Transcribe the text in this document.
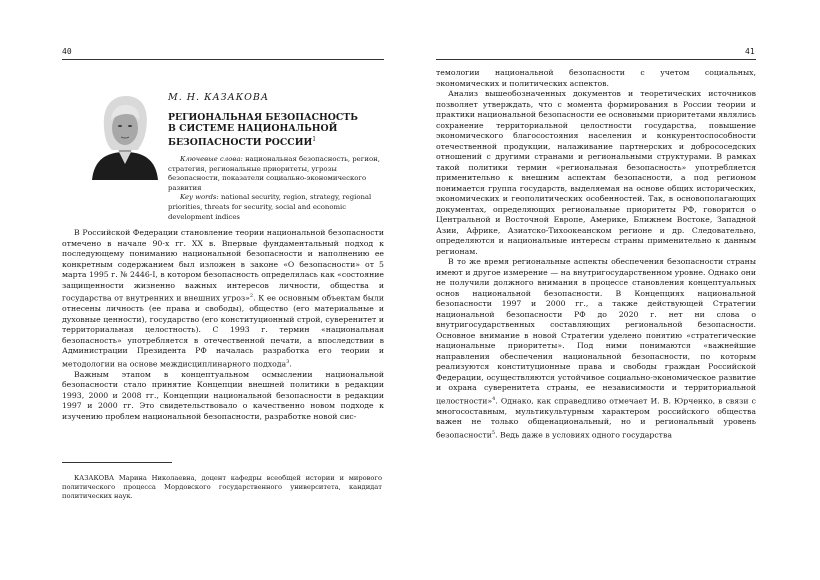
40
М. Н. КАЗАКОВА
РЕГИОНАЛЬНАЯ БЕЗОПАСНОСТЬ
В СИСТЕМЕ НАЦИОНАЛЬНОЙ
БЕЗОПАСНОСТИ РОССИИ$^1$

Ключевые слова: национальная безопасность, регион, стратегия, региональные приоритеты, угрозы безопасности, показатели социально-экономического развития

Key words: national security, region, strategy, regional priorities, threats for security, social and economic development indices

В Российской Федерации становление теории национальной безопасности отмечено в начале 90-х гг. XX в. Впервые фундаментальный подход к последующему пониманию национальной безопасности и наполнению ее конкретным содержанием был изложен в законе «О безопасности» от 5 марта 1995 г. № 2446-I, в котором безопасность определялась как «состояние защищенности жизненно важных интересов личности, общества и государства от внутренних и внешних угроз»$^2$. К ее основным объектам были отнесены личность (ее права и свободы), общество (его материальные и духовные ценности), государство (его конституционный строй, суверенитет и территориальная целостность). С 1993 г. термин «национальная безопасность» употребляется в отечественной печати, а впоследствии в Администрации Президента РФ началась разработка его теории и методологии на основе междисциплинарного подхода$^3$.

Важным этапом в концептуальном осмыслении национальной безопасности стало принятие Концепции внешней политики в редакции 1993, 2000 и 2008 гг., Концепции национальной безопасности в редакции 1997 и 2000 гг. Это свидетельствовало о качественно новом подходе к изучению проблем национальной безопасности, разработке новой сис-

КАЗАКОВА Марина Николаевна, доцент кафедры всеобщей истории и мирового политического процесса Мордовского государственного университета, кандидат политических наук.

41

темологии национальной безопасности с учетом социальных, экономических и политических аспектов.

Анализ вышеобозначенных документов и теоретических источников позволяет утверждать, что с момента формирования в России теории и практики национальной безопасности ее основными приоритетами являлись сохранение территориальной целостности государства, повышение экономического благосостояния населения и конкурентоспособности отечественной продукции, налаживание партнерских и добрососедских отношений с другими странами и региональными структурами. В рамках такой политики термин «региональная безопасность» употребляется применительно к внешним аспектам безопасности, а под регионом понимается группа государств, выделяемая на основе общих исторических, экономических и геополитических особенностей. Так, в основополагающих документах, определяющих региональные приоритеты РФ, говорится о Центральной и Восточной Европе, Америке, Ближнем Востоке, Западной Азии, Африке, Азиатско-Тихоокеанском регионе и др. Следовательно, определяются и национальные интересы страны применительно к данным регионам.

В то же время региональные аспекты обеспечения безопасности страны имеют и другое измерение — на внутригосударственном уровне. Однако они не получили должного внимания в процессе становления концептуальных основ национальной безопасности. В Концепциях национальной безопасности 1997 и 2000 гг., а также действующей Стратегии национальной безопасности РФ до 2020 г. нет ни слова о внутригосударственных составляющих региональной безопасности. Основное внимание в новой Стратегии уделено понятию «стратегические национальные приоритеты». Под ними понимаются «важнейшие направления обеспечения национальной безопасности, по которым реализуются конституционные права и свободы граждан Российской Федерации, осуществляются устойчивое социально-экономическое развитие и охрана суверенитета страны, ее независимости и территориальной целостности»$^4$. Однако, как справедливо отмечает И. В. Юрченко, в связи с многосоставным, мультикультурным характером российского общества важен не только общенациональный, но и региональный уровень безопасности$^5$. Ведь даже в условиях одного государства
